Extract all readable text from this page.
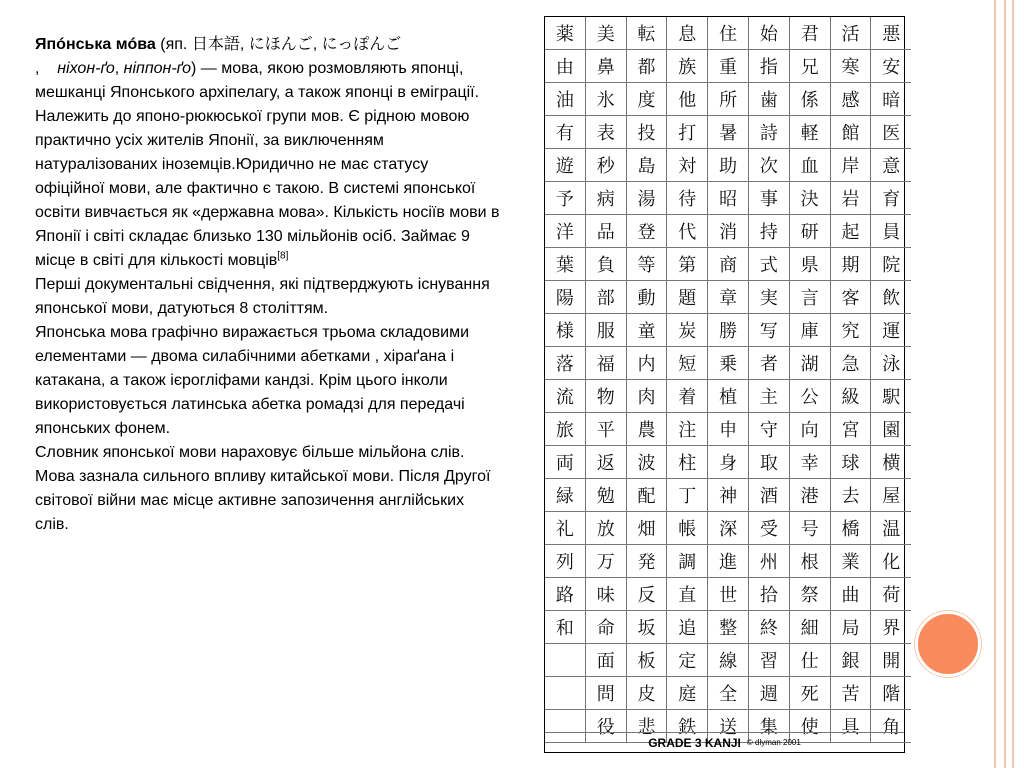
Япóнська мóва (яп. 日本語, にほんご, にっぽんご
,    ніхон-ґо, ніппон-ґо) — мова, якою розмовляють японці, мешканці Японського архіпелагу, а також японці в еміграції. Належить до японо-рюкюської групи мов. Є рідною мовою практично усіх жителів Японії, за виключенням натуралізованих іноземців.Юридично не має статусу офіційної мови, але фактично є такою. В системі японської освіти вивчається як «державна мова». Кількість носіїв мови в Японії і світі складає близько 130 мільйонів осіб. Займає 9 місце в світі для кількості мовців[8]

Перші документальні свідчення, які підтверджують існування японської мови, датуються 8 століттям.

Японська мова графічно виражається трьома складовими елементами — двома силабічними абетками , хіраґана і катакана, а також ієрогліфами кандзі. Крім цього інколи використовується латинська абетка ромадзі для передачі японських фонем.

Словник японської мови нараховує більше мільйона слів. Мова зазнала сильного впливу китайської мови. Після Другої світової війни має місце активне запозичення англійських слів.

薬	美	転	息	住	始	君	活	悪
由	鼻	都	族	重	指	兄	寒	安
油	氷	度	他	所	歯	係	感	暗
有	表	投	打	暑	詩	軽	館	医
遊	秒	島	対	助	次	血	岸	意
予	病	湯	待	昭	事	決	岩	育
洋	品	登	代	消	持	研	起	員
葉	負	等	第	商	式	県	期	院
陽	部	動	題	章	実	言	客	飲
様	服	童	炭	勝	写	庫	究	運
落	福	内	短	乗	者	湖	急	泳
流	物	肉	着	植	主	公	級	駅
旅	平	農	注	申	守	向	宮	園
両	返	波	柱	身	取	幸	球	横
緑	勉	配	丁	神	酒	港	去	屋
礼	放	畑	帳	深	受	号	橋	温
列	万	発	調	進	州	根	業	化
路	味	反	直	世	拾	祭	曲	荷
和	命	坂	追	整	終	細	局	界
	面	板	定	線	習	仕	銀	開
	問	皮	庭	全	週	死	苦	階
	役	悲	鉄	送	集	使	具	角
GRADE 3 KANJI © dlyman 2001
